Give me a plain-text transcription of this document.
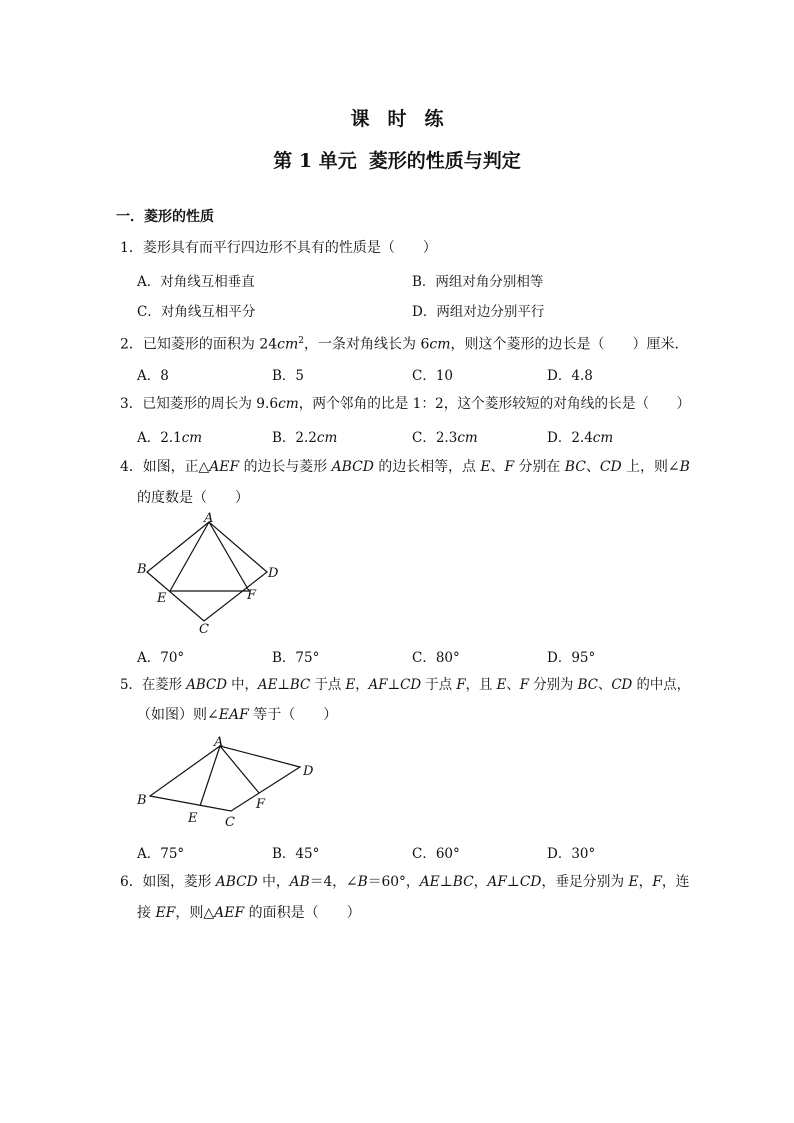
课 时 练
第 1 单元 菱形的性质与判定
一．菱形的性质
1．菱形具有而平行四边形不具有的性质是（　　）
A．对角线互相垂直	B．两组对角分别相等
C．对角线互相平分	D．两组对边分别平行
2．已知菱形的面积为 $24cm^2$，一条对角线长为 6cm，则这个菱形的边长是（　　）厘米．
A．8	B．5	C．10	D．4.8
3．已知菱形的周长为 9.6cm，两个邻角的比是 1：2，这个菱形较短的对角线的长是（　　）
A．2.1cm	B．2.2cm	C．2.3cm	D．2.4cm
4．如图，正△AEF 的边长与菱形 ABCD 的边长相等，点 E、F 分别在 BC、CD 上，则∠B
的度数是（　　）
A
B	D
E	F
C
A．70°	B．75°	C．80°	D．95°
5．在菱形 ABCD 中，AE⊥BC 于点 E，AF⊥CD 于点 F，且 E、F 分别为 BC、CD 的中点，
（如图）则∠EAF 等于（　　）
A
D
B	F
E C
A．75°	B．45°	C．60°	D．30°
6．如图，菱形 ABCD 中，AB＝4，∠B＝60°，AE⊥BC，AF⊥CD，垂足分别为 E，F，连
接 EF，则△AEF 的面积是（　　）
